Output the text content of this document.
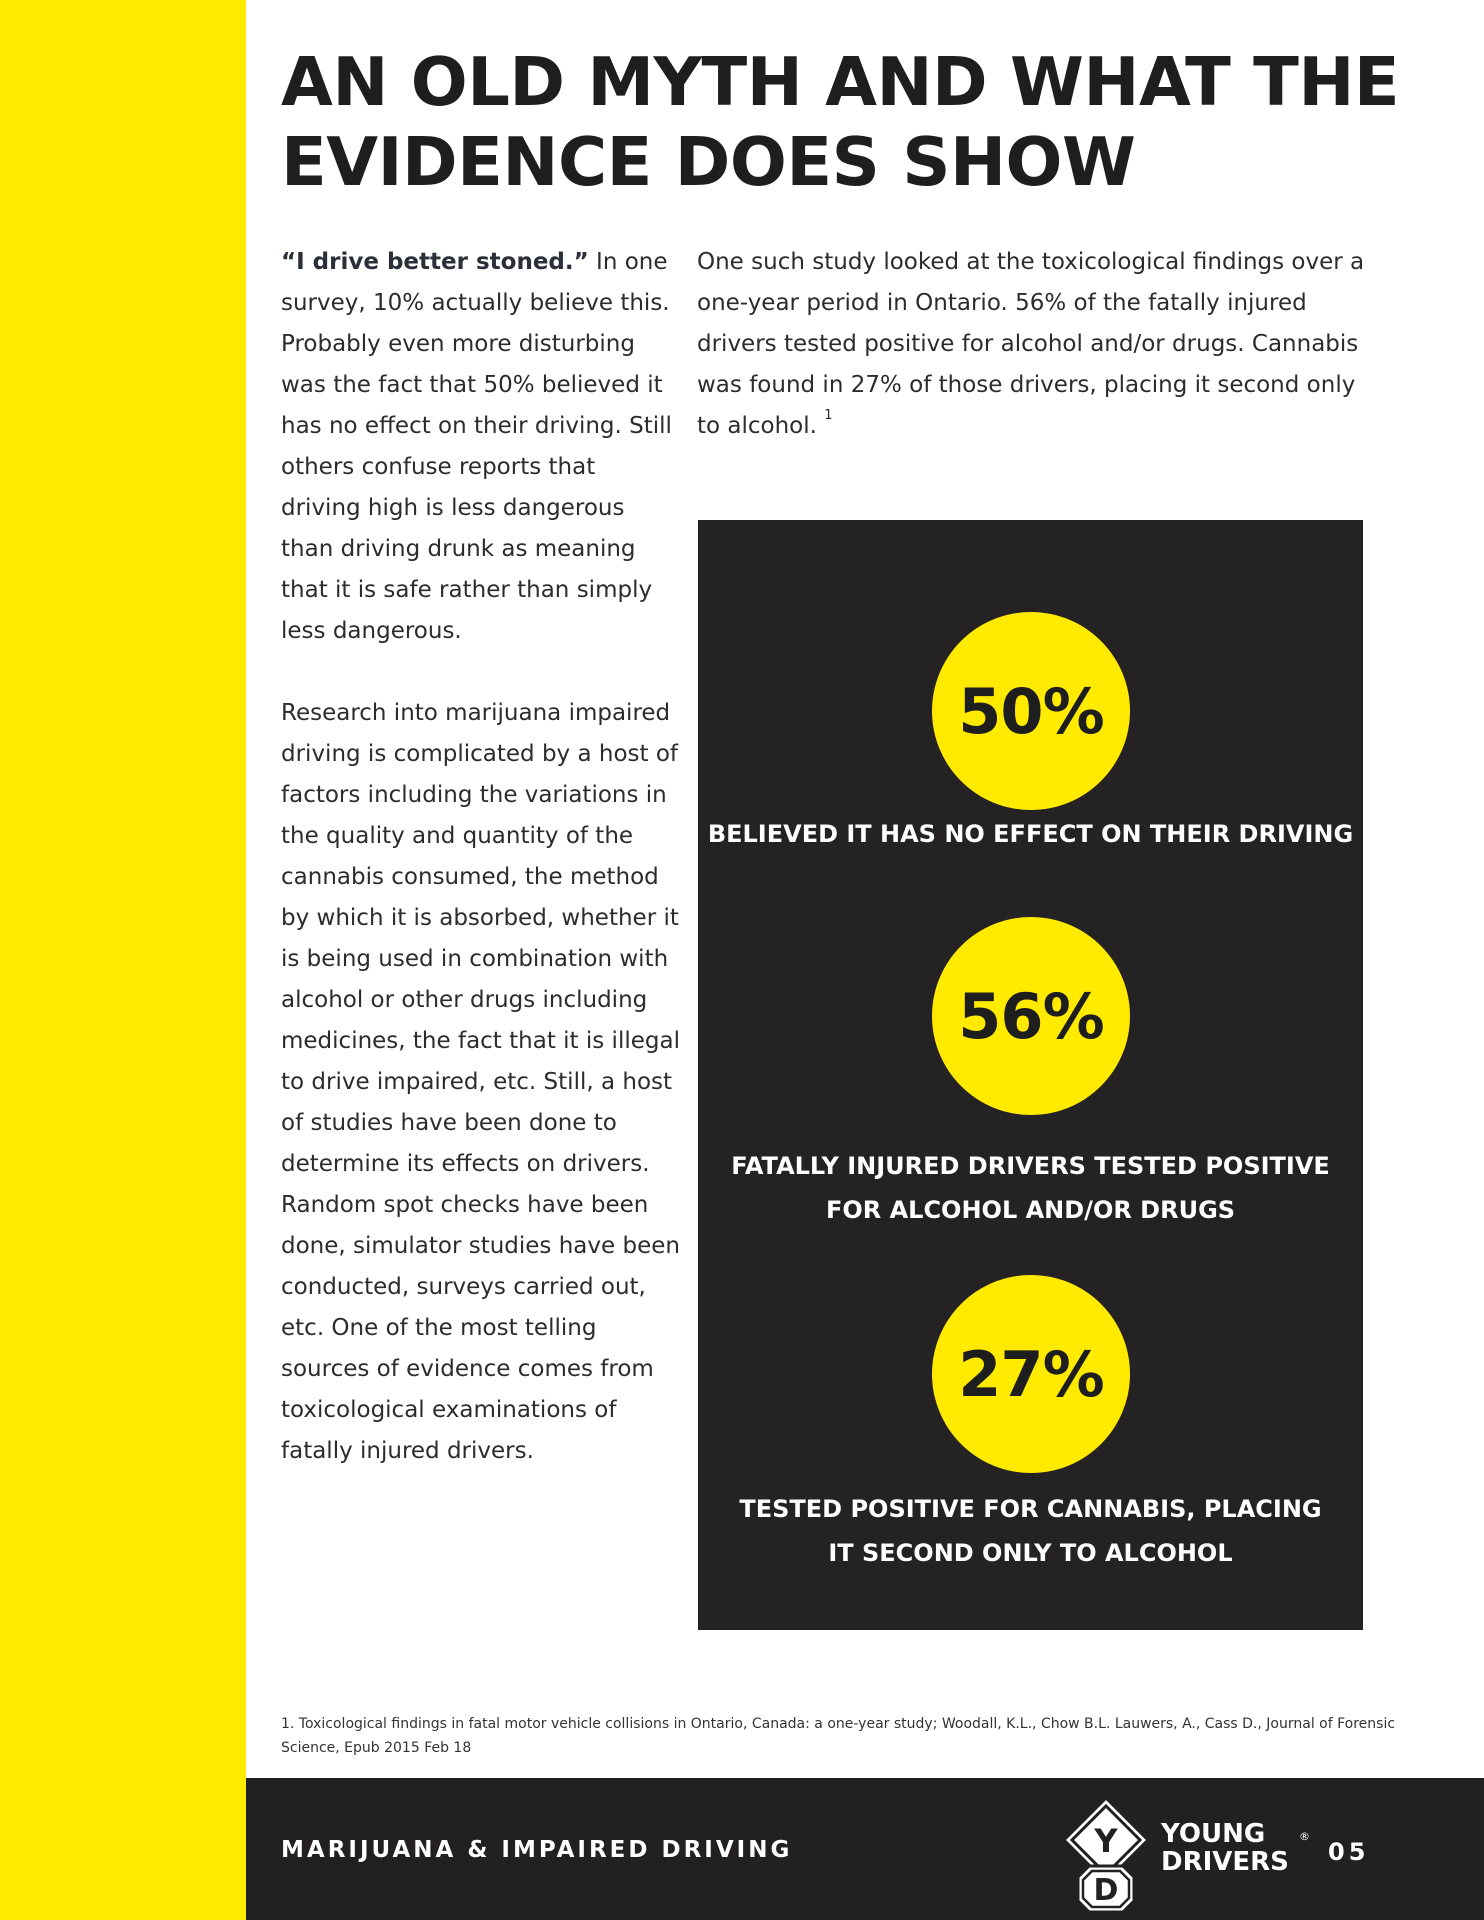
AN OLD MYTH AND WHAT THE
EVIDENCE DOES SHOW

“I drive better stoned.” In one survey, 10% actually believe this. Probably even more disturbing was the fact that 50% believed it has no effect on their driving. Still others confuse reports that driving high is less dangerous than driving drunk as meaning that it is safe rather than simply less dangerous.

Research into marijuana impaired driving is complicated by a host of factors including the variations in the quality and quantity of the cannabis consumed, the method by which it is absorbed, whether it is being used in combination with alcohol or other drugs including medicines, the fact that it is illegal to drive impaired, etc. Still, a host of studies have been done to determine its effects on drivers. Random spot checks have been done, simulator studies have been conducted, surveys carried out, etc. One of the most telling sources of evidence comes from toxicological examinations of fatally injured drivers.

One such study looked at the toxicological findings over a one-year period in Ontario. 56% of the fatally injured drivers tested positive for alcohol and/or drugs. Cannabis was found in 27% of those drivers, placing it second only to alcohol. $^1$

50%
BELIEVED IT HAS NO EFFECT ON THEIR DRIVING
56%
FATALLY INJURED DRIVERS TESTED POSITIVE
FOR ALCOHOL AND/OR DRUGS
27%
TESTED POSITIVE FOR CANNABIS, PLACING
IT SECOND ONLY TO ALCOHOL

1. Toxicological findings in fatal motor vehicle collisions in Ontario, Canada: a one-year study; Woodall, K.L., Chow B.L. Lauwers, A., Cass D., Journal of Forensic Science, Epub 2015 Feb 18

MARIJUANA & IMPAIRED DRIVING	Y
D
YOUNG
DRIVERS
®
05
